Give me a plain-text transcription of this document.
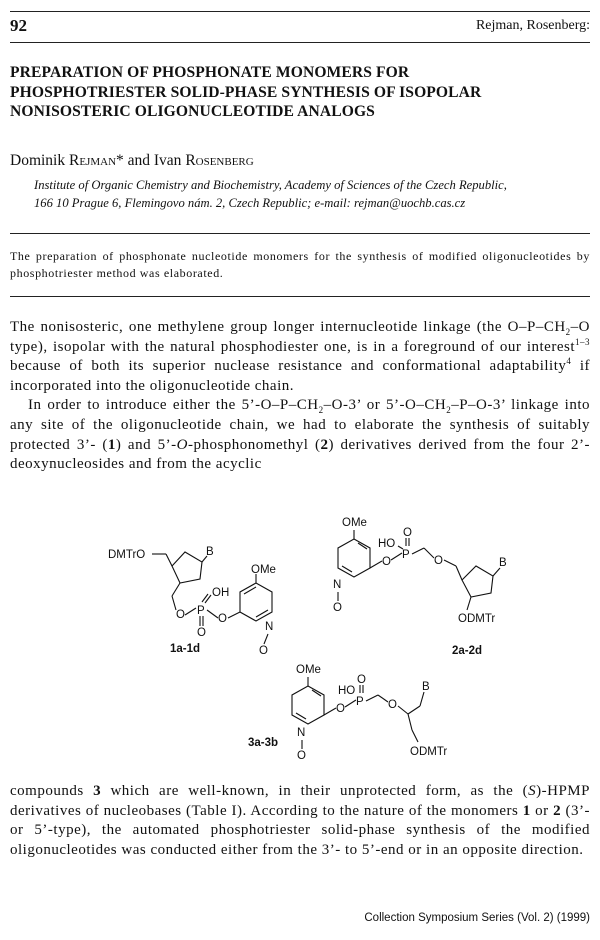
92	Rejman, Rosenberg:
PREPARATION OF PHOSPHONATE MONOMERS FOR
PHOSPHOTRIESTER SOLID-PHASE SYNTHESIS OF ISOPOLAR
NONISOSTERIC OLIGONUCLEOTIDE ANALOGS
Dominik Rejman* and Ivan Rosenberg
Institute of Organic Chemistry and Biochemistry, Academy of Sciences of the Czech Republic,
166 10 Prague 6, Flemingovo nám. 2, Czech Republic; e-mail: rejman@uochb.cas.cz
The preparation of phosphonate nucleotide monomers for the synthesis of modified oligonucleotides by phosphotriester method was elaborated.

The nonisosteric, one methylene group longer internucleotide linkage (the $O-P-CH_2-O$ type), isopolar with the natural phosphodiester one, is in a foreground of our interest$^{1-3}$ because of both its superior nuclease resistance and conformational adaptability$^4$ if incorporated into the oligonucleotide chain.

In order to introduce either the $5’-O-P-CH_2-O-3$’ or $5’-O-CH_2-P-O-3$’ linkage into any site of the oligonucleotide chain, we had to elaborate the synthesis of suitably protected 3’- (1) and 5’-O-phosphonomethyl (2) derivatives derived from the four 2’-deoxynucleosides and from the acyclic

DMTrO	B
O P
OH
O
O
OMe
N
O
1a-1d
OMe
N
O
O
P
HO
O
O	B
ODMTr
2a-2d
OMe
N
O
O
P
HO
O
O
B
ODMTr
3a-3b

compounds 3 which are well-known, in their unprotected form, as the (S)-HPMP derivatives of nucleobases (Table I). According to the nature of the monomers 1 or 2 (3’- or 5’-type), the automated phosphotriester solid-phase synthesis of the modified oligonucleotides was conducted either from the 3’- to 5’-end or in an opposite direction.

Collection Symposium Series (Vol. 2) (1999)
